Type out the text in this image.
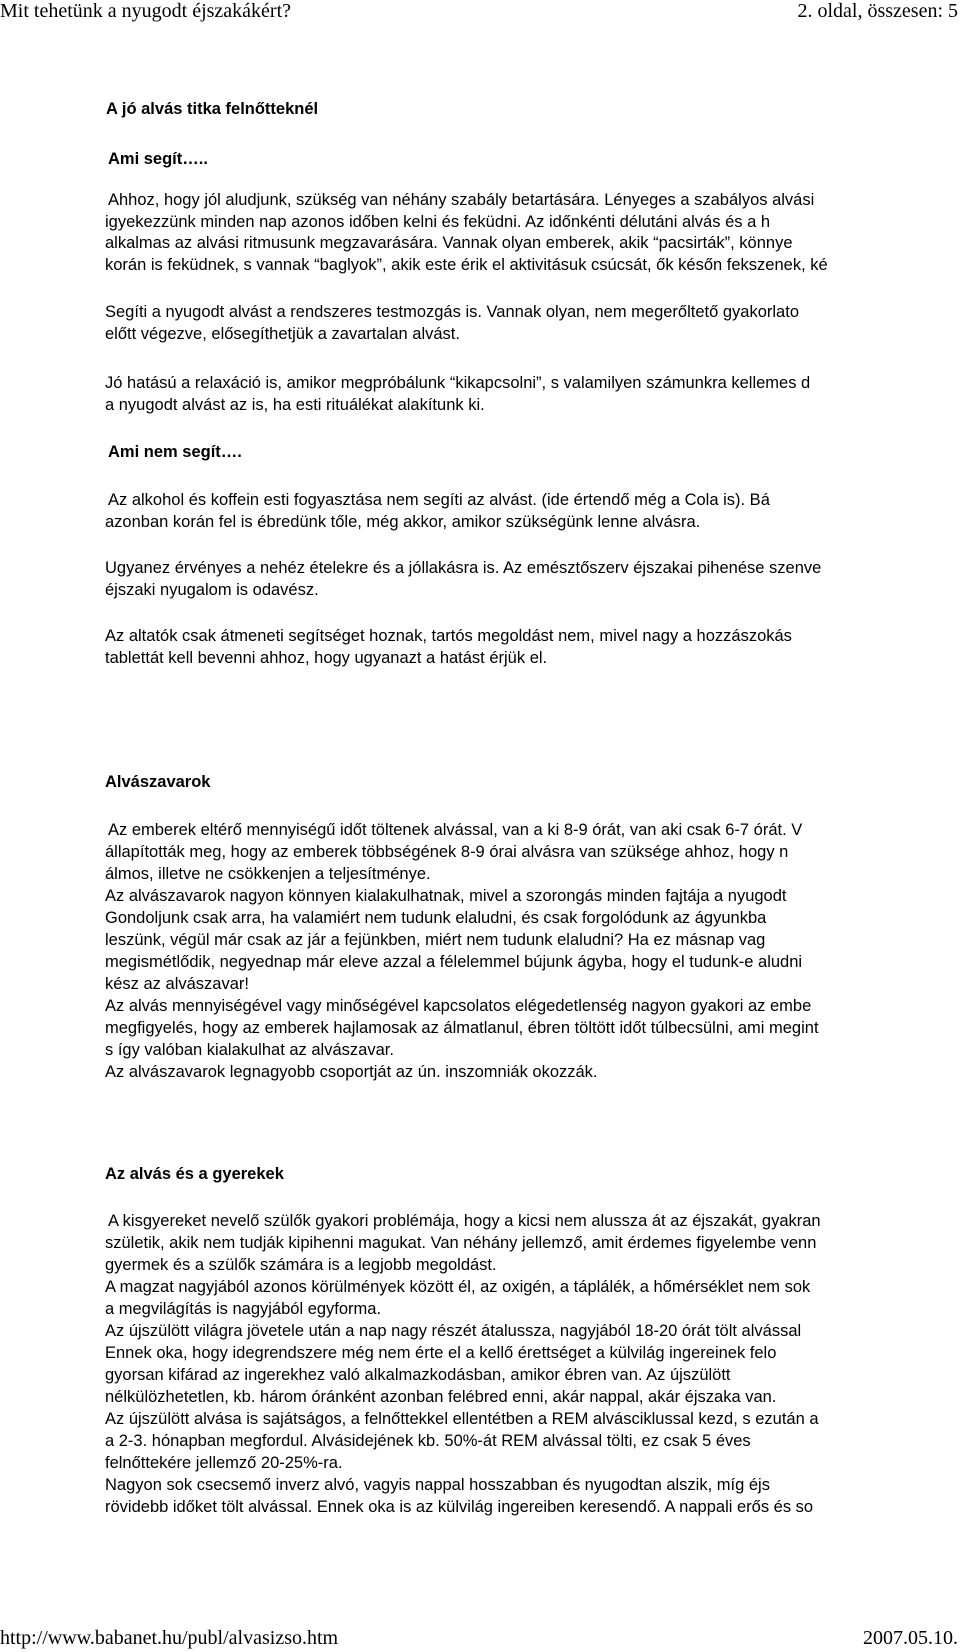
Mit tehetünk a nyugodt éjszakákért?	2. oldal, összesen: 5
A jó alvás titka felnőtteknél
Ami segít…..
Ahhoz, hogy jól aludjunk, szükség van néhány szabály betartására. Lényeges a szabályos alvási
igyekezzünk minden nap azonos időben kelni és feküdni. Az időnkénti délutáni alvás és a h
alkalmas az alvási ritmusunk megzavarására. Vannak olyan emberek, akik “pacsirták”, könnye
korán is feküdnek, s vannak “baglyok”, akik este érik el aktivitásuk csúcsát, ők későn fekszenek, ké
Segíti a nyugodt alvást a rendszeres testmozgás is. Vannak olyan, nem megerőltető gyakorlato
előtt végezve, elősegíthetjük a zavartalan alvást.
Jó hatású a relaxáció is, amikor megpróbálunk “kikapcsolni”, s valamilyen számunkra kellemes d
a nyugodt alvást az is, ha esti rituálékat alakítunk ki.
Ami nem segít….
Az alkohol és koffein esti fogyasztása nem segíti az alvást. (ide értendő még a Cola is). Bá
azonban korán fel is ébredünk tőle, még akkor, amikor szükségünk lenne alvásra.
Ugyanez érvényes a nehéz ételekre és a jóllakásra is. Az emésztőszerv éjszakai pihenése szenve
éjszaki nyugalom is odavész.
Az altatók csak átmeneti segítséget hoznak, tartós megoldást nem, mivel nagy a hozzászokás
tablettát kell bevenni ahhoz, hogy ugyanazt a hatást érjük el.
Alvászavarok
Az emberek eltérő mennyiségű időt töltenek alvással, van a ki 8-9 órát, van aki csak 6-7 órát. V
állapították meg, hogy az emberek többségének 8-9 órai alvásra van szüksége ahhoz, hogy n
álmos, illetve ne csökkenjen a teljesítménye.
Az alvászavarok nagyon könnyen kialakulhatnak, mivel a szorongás minden fajtája a nyugodt
Gondoljunk csak arra, ha valamiért nem tudunk elaludni, és csak forgolódunk az ágyunkba
leszünk, végül már csak az jár a fejünkben, miért nem tudunk elaludni? Ha ez másnap vag
megismétlődik, negyednap már eleve azzal a félelemmel bújunk ágyba, hogy el tudunk-e aludni
kész az alvászavar!
Az alvás mennyiségével vagy minőségével kapcsolatos elégedetlenség nagyon gyakori az embe
megfigyelés, hogy az emberek hajlamosak az álmatlanul, ébren töltött időt túlbecsülni, ami megint
s így valóban kialakulhat az alvászavar.
Az alvászavarok legnagyobb csoportját az ún. inszomniák okozzák.
Az alvás és a gyerekek
A kisgyereket nevelő szülők gyakori problémája, hogy a kicsi nem alussza át az éjszakát, gyakran
születik, akik nem tudják kipihenni magukat. Van néhány jellemző, amit érdemes figyelembe venn
gyermek és a szülők számára is a legjobb megoldást.
A magzat nagyjából azonos körülmények között él, az oxigén, a táplálék, a hőmérséklet nem sok
a megvilágítás is nagyjából egyforma.
Az újszülött világra jövetele után a nap nagy részét átalussza, nagyjából 18-20 órát tölt alvással
Ennek oka, hogy idegrendszere még nem érte el a kellő érettséget a külvilág ingereinek felo
gyorsan kifárad az ingerekhez való alkalmazkodásban, amikor ébren van. Az újszülött
nélkülözhetetlen, kb. három óránként azonban felébred enni, akár nappal, akár éjszaka van.
Az újszülött alvása is sajátságos, a felnőttekkel ellentétben a REM alvásciklussal kezd, s ezután a
a 2-3. hónapban megfordul. Alvásidejének kb. 50%-át REM alvással tölti, ez csak 5 éves
felnőttekére jellemző 20-25%-ra.
Nagyon sok csecsemő inverz alvó, vagyis nappal hosszabban és nyugodtan alszik, míg éjs
rövidebb időket tölt alvással. Ennek oka is az külvilág ingereiben keresendő. A nappali erős és so
http://www.babanet.hu/publ/alvasizso.htm	2007.05.10.
